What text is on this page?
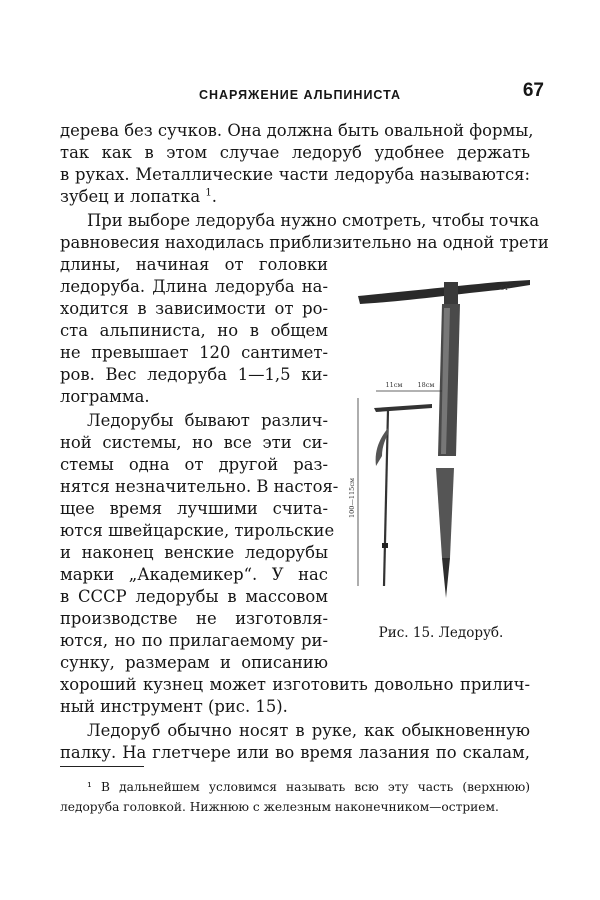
СНАРЯЖЕНИЕ АЛЬПИНИСТА	67
дерева без сучков. Она должна быть овальной формы,
так как в этом случае ледоруб удобнее держать
в руках. Металлические части ледоруба называются:
зубец и лопатка $^1$.
При выборе ледоруба нужно смотреть, чтобы точка
равновесия находилась приблизительно на одной трети
длины, начиная от головки
ледоруба. Длина ледоруба на-
ходится в зависимости от ро-
ста альпиниста, но в общем
не превышает 120 сантимет-
ров. Вес ледоруба 1—1,5 ки-
лограмма.
Ледорубы бывают различ-
ной системы, но все эти си-
стемы одна от другой раз-
нятся незначительно. В настоя-
щее время лучшими считa-
ются швейцарские, тирольские
и наконец венские ледорубы
марки „Академикер“. У нас
в СССР ледорубы в массовом
производстве не изготовля-
ются, но по прилагаемому ри-
сунку, размерам и описанию
хороший кузнец может изготовить довольно прилич-
ный инструмент (рис. 15).
Ледоруб обычно носят в руке, как обыкновенную
палку. На глетчере или во время лазания по скалам,
11см 18см
61°
100—115см
Рис. 15. Ледоруб.
¹ В дальнейшем условимся называть всю эту часть (верхнюю)
ледоруба головкой. Нижнюю с железным наконечником—острием.
